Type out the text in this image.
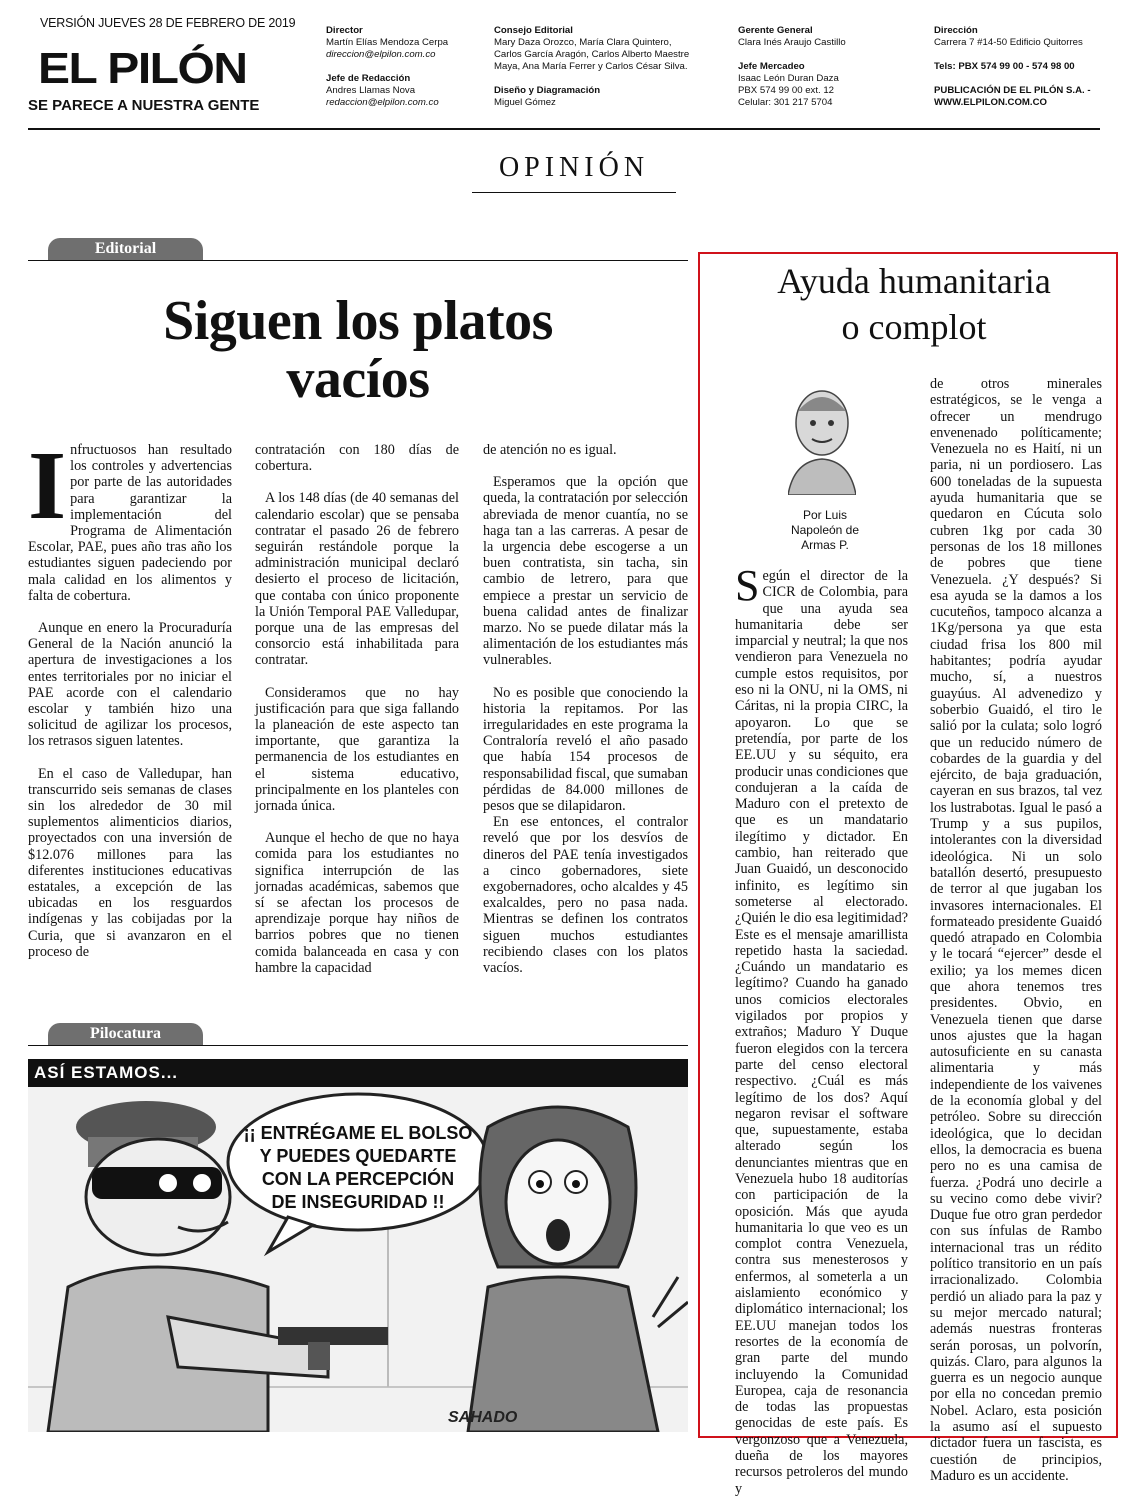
VERSIÓN JUEVES 28 DE FEBRERO DE 2019
EL PILÓN
SE PARECE A NUESTRA GENTE
Director
Martín Elías Mendoza Cerpa
direccion@elpilon.com.co
Jefe de Redacción
Andres Llamas Nova
redaccion@elpilon.com.co
Consejo Editorial
Mary Daza Orozco, María Clara Quintero,
Carlos García Aragón, Carlos Alberto Maestre
Maya, Ana María Ferrer y Carlos César Silva.
Diseño y Diagramación
Miguel Gómez
Gerente General
Clara Inés Araujo Castillo
Jefe Mercadeo
Isaac León Duran Daza
PBX 574 99 00 ext. 12
Celular: 301 217 5704
Dirección
Carrera 7 #14-50 Edificio Quitorres
Tels: PBX 574 99 00 - 574 98 00
PUBLICACIÓN DE EL PILÓN S.A. -
WWW.ELPILON.COM.CO
OPINIÓN
Editorial
Siguen los platos
vacíos
I nfructuosos han resultado los controles y advertencias por parte de las autoridades para garantizar la implementación del Programa de Alimentación Escolar, PAE, pues año tras año los estudiantes siguen padeciendo por mala calidad en los alimentos y falta de cobertura.

Aunque en enero la Procuraduría General de la Nación anunció la apertura de investigaciones a los entes territoriales por no iniciar el PAE acorde con el calendario escolar y también hizo una solicitud de agilizar los procesos, los retrasos siguen latentes.

En el caso de Valledupar, han transcurrido seis semanas de clases sin los alrededor de 30 mil suplementos alimenticios diarios, proyectados con una inversión de $12.076 millones para las diferentes instituciones educativas estatales, a excepción de las ubicadas en los resguardos indígenas y las cobijadas por la Curia, que si avanzaron en el proceso de

contratación con 180 días de cobertura.

A los 148 días (de 40 semanas del calendario escolar) que se pensaba contratar el pasado 26 de febrero seguirán restándole porque la administración municipal declaró desierto el proceso de licitación, que contaba con único proponente la Unión Temporal PAE Valledupar, porque una de las empresas del consorcio está inhabilitada para contratar.

Consideramos que no hay justificación para que siga fallando la planeación de este aspecto tan importante, que garantiza la permanencia de los estudiantes en el sistema educativo, principalmente en los planteles con jornada única.

Aunque el hecho de que no haya comida para los estudiantes no significa interrupción de las jornadas académicas, sabemos que sí se afectan los procesos de aprendizaje porque hay niños de barrios pobres que no tienen comida balanceada en casa y con hambre la capacidad

de atención no es igual.

Esperamos que la opción que queda, la contratación por selección abreviada de menor cuantía, no se haga tan a las carreras. A pesar de la urgencia debe escogerse a un buen contratista, sin tacha, sin cambio de letrero, para que empiece a prestar un servicio de buena calidad antes de finalizar marzo. No se puede dilatar más la alimentación de los estudiantes más vulnerables.

No es posible que conociendo la historia la repitamos. Por las irregularidades en este programa la Contraloría reveló el año pasado que había 154 procesos de responsabilidad fiscal, que sumaban pérdidas de 84.000 millones de pesos que se dilapidaron.

En ese entonces, el contralor reveló que por los desvíos de dineros del PAE tenía investigados a cinco gobernadores, siete exgobernadores, ocho alcaldes y 45 exalcaldes, pero no pasa nada. Mientras se definen los contratos siguen muchos estudiantes recibiendo clases con los platos vacíos.

Pilocatura
ASÍ ESTAMOS...
¡¡ ENTRÉGAME EL BOLSO
Y PUEDES QUEDARTE
CON LA PERCEPCIÓN
DE INSEGURIDAD !!
SAHADO
Ayuda humanitaria
o complot
Por Luis
Napoleón de
Armas P.
S egún el director de la CICR de Colombia, para que una ayuda sea humanitaria debe ser imparcial y neutral; la que nos vendieron para Venezuela no cumple estos requisitos, por eso ni la ONU, ni la OMS, ni Cáritas, ni la propia CIRC, la apoyaron. Lo que se pretendía, por parte de los EE.UU y su séquito, era producir unas condiciones que condujeran a la caída de Maduro con el pretexto de que es un mandatario ilegítimo y dictador. En cambio, han reiterado que Juan Guaidó, un desconocido infinito, es legítimo sin someterse al electorado. ¿Quién le dio esa legitimidad? Este es el mensaje amarillista repetido hasta la saciedad. ¿Cuándo un mandatario es legítimo? Cuando ha ganado unos comicios electorales vigilados por propios y extraños; Maduro Y Duque fueron elegidos con la tercera parte del censo electoral respectivo. ¿Cuál es más legítimo de los dos? Aquí negaron revisar el software que, supuestamente, estaba alterado según los denunciantes mientras que en Venezuela hubo 18 auditorías con participación de la oposición. Más que ayuda humanitaria lo que veo es un complot contra Venezuela, contra sus menesterosos y enfermos, al someterla a un aislamiento económico y diplomático internacional; los EE.UU manejan todos los resortes de la economía de gran parte del mundo incluyendo la Comunidad Europea, caja de resonancia de todas las propuestas genocidas de este país. Es vergonzoso que a Venezuela, dueña de los mayores recursos petroleros del mundo y

de otros minerales estratégicos, se le venga a ofrecer un mendrugo envenenado políticamente; Venezuela no es Haití, ni un paria, ni un pordiosero. Las 600 toneladas de la supuesta ayuda humanitaria que se quedaron en Cúcuta solo cubren 1kg por cada 30 personas de los 18 millones de pobres que tiene Venezuela. ¿Y después? Si esa ayuda se la damos a los cucuteños, tampoco alcanza a 1Kg/persona ya que esta ciudad frisa los 800 mil habitantes; podría ayudar mucho, sí, a nuestros guayúus. Al advenedizo y soberbio Guaidó, el tiro le salió por la culata; solo logró que un reducido número de cobardes de la guardia y del ejército, de baja graduación, cayeran en sus brazos, tal vez los lustrabotas. Igual le pasó a Trump y a sus pupilos, intolerantes con la diversidad ideológica. Ni un solo batallón desertó, presupuesto de terror al que jugaban los invasores internacionales. El formateado presidente Guaidó quedó atrapado en Colombia y le tocará “ejercer” desde el exilio; ya los memes dicen que ahora tenemos tres presidentes. Obvio, en Venezuela tienen que darse unos ajustes que la hagan autosuficiente en su canasta alimentaria y más independiente de los vaivenes de la economía global y del petróleo. Sobre su dirección ideológica, que lo decidan ellos, la democracia es buena pero no es una camisa de fuerza. ¿Podrá uno decirle a su vecino como debe vivir? Duque fue otro gran perdedor con sus ínfulas de Rambo internacional tras un rédito político transitorio en un país irracionalizado. Colombia perdió un aliado para la paz y su mejor mercado natural; además nuestras fronteras serán porosas, un polvorín, quizás. Claro, para algunos la guerra es un negocio aunque por ella no concedan premio Nobel. Aclaro, esta posición la asumo así el supuesto dictador fuera un fascista, es cuestión de principios, Maduro es un accidente.
